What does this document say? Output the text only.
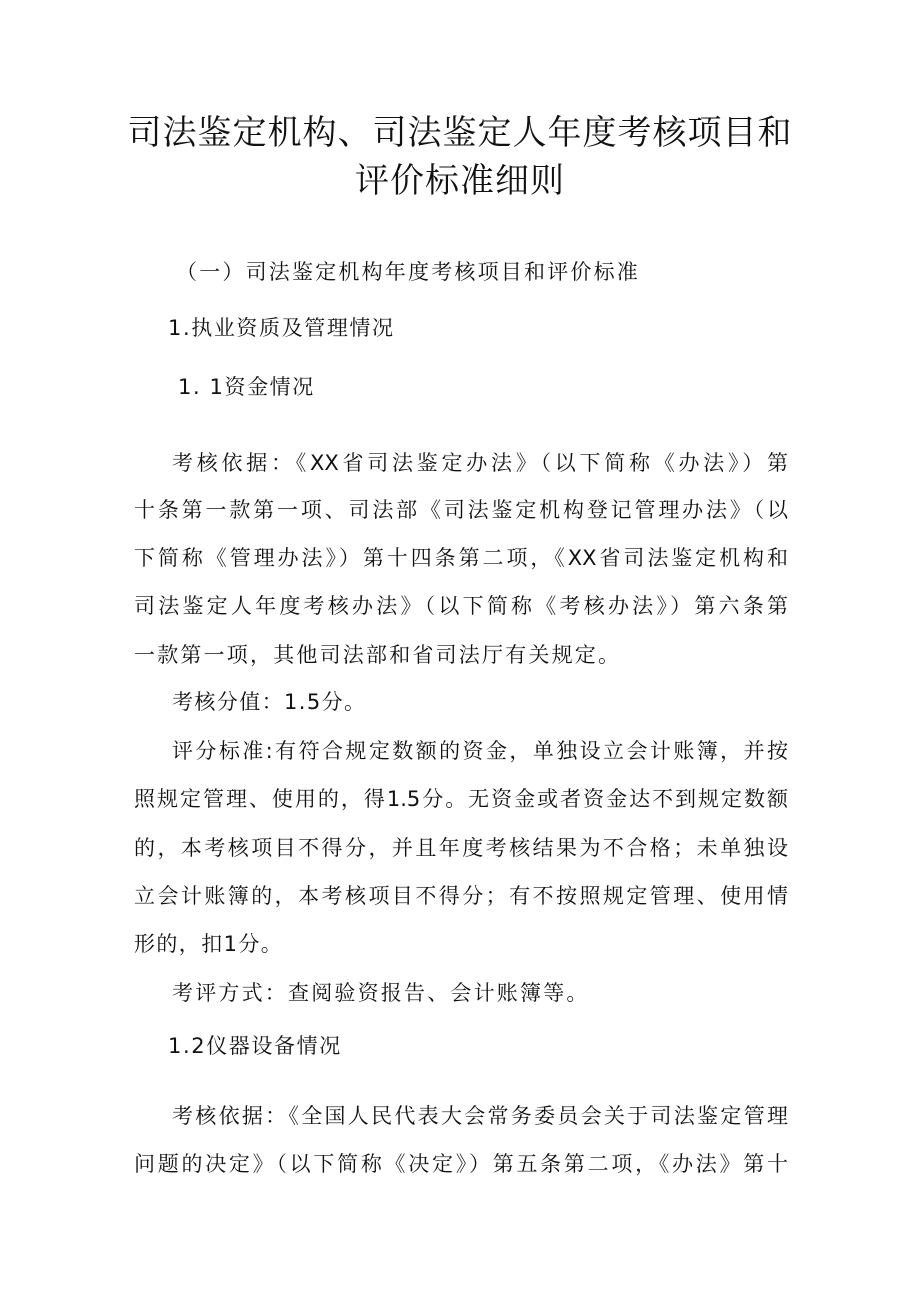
司法鉴定机构、司法鉴定人年度考核项目和
评价标准细则

（一）司法鉴定机构年度考核项目和评价标准

1.执业资质及管理情况

1. 1资金情况

考核依据：《XX省司法鉴定办法》（以下简称《办法》）第

十条第一款第一项、司法部《司法鉴定机构登记管理办法》（以

下简称《管理办法》）第十四条第二项，《XX省司法鉴定机构和

司法鉴定人年度考核办法》（以下简称《考核办法》）第六条第

一款第一项，其他司法部和省司法厅有关规定。

考核分值：1.5分。

评分标准:有符合规定数额的资金，单独设立会计账簿，并按

照规定管理、使用的，得1.5分。无资金或者资金达不到规定数额

的，本考核项目不得分，并且年度考核结果为不合格；未单独设

立会计账簿的，本考核项目不得分；有不按照规定管理、使用情

形的，扣1分。

考评方式：查阅验资报告、会计账簿等。

1.2仪器设备情况

考核依据：《全国人民代表大会常务委员会关于司法鉴定管理

问题的决定》（以下简称《决定》）第五条第二项，《办法》第十
